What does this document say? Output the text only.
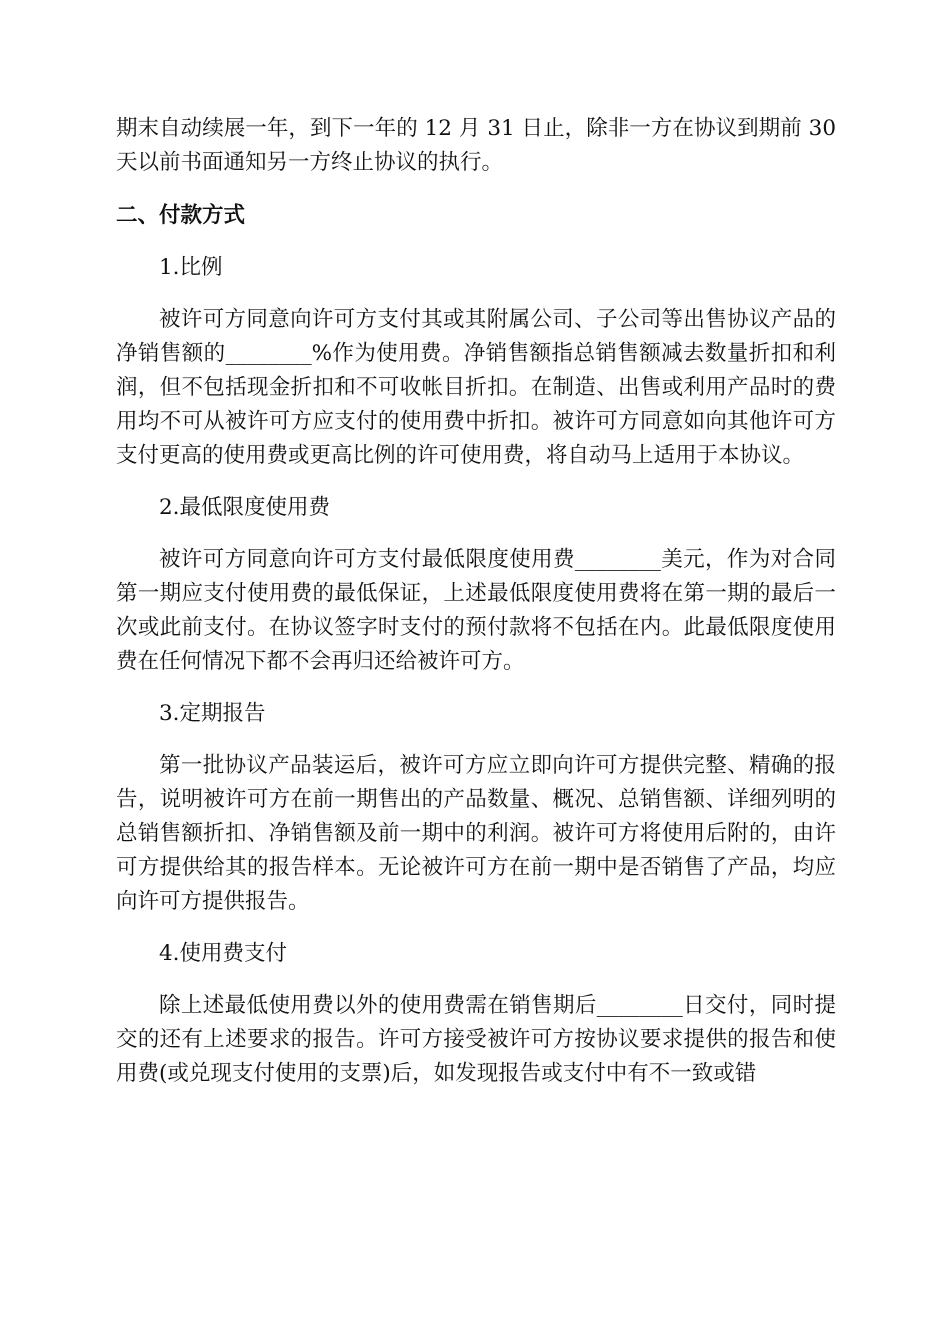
期末自动续展一年，到下一年的 12 月 31 日止，除非一方在协议到期前 30 天以前书面通知另一方终止协议的执行。

二、付款方式

1.比例

被许可方同意向许可方支付其或其附属公司、子公司等出售协议产品的净销售额的________%作为使用费。净销售额指总销售额减去数量折扣和利润，但不包括现金折扣和不可收帐目折扣。在制造、出售或利用产品时的费用均不可从被许可方应支付的使用费中折扣。被许可方同意如向其他许可方支付更高的使用费或更高比例的许可使用费，将自动马上适用于本协议。

2.最低限度使用费

被许可方同意向许可方支付最低限度使用费________美元，作为对合同第一期应支付使用费的最低保证，上述最低限度使用费将在第一期的最后一次或此前支付。在协议签字时支付的预付款将不包括在内。此最低限度使用费在任何情况下都不会再归还给被许可方。

3.定期报告

第一批协议产品装运后，被许可方应立即向许可方提供完整、精确的报告，说明被许可方在前一期售出的产品数量、概况、总销售额、详细列明的总销售额折扣、净销售额及前一期中的利润。被许可方将使用后附的，由许可方提供给其的报告样本。无论被许可方在前一期中是否销售了产品，均应向许可方提供报告。

4.使用费支付

除上述最低使用费以外的使用费需在销售期后________日交付，同时提交的还有上述要求的报告。许可方接受被许可方按协议要求提供的报告和使用费(或兑现支付使用的支票)后，如发现报告或支付中有不一致或错
